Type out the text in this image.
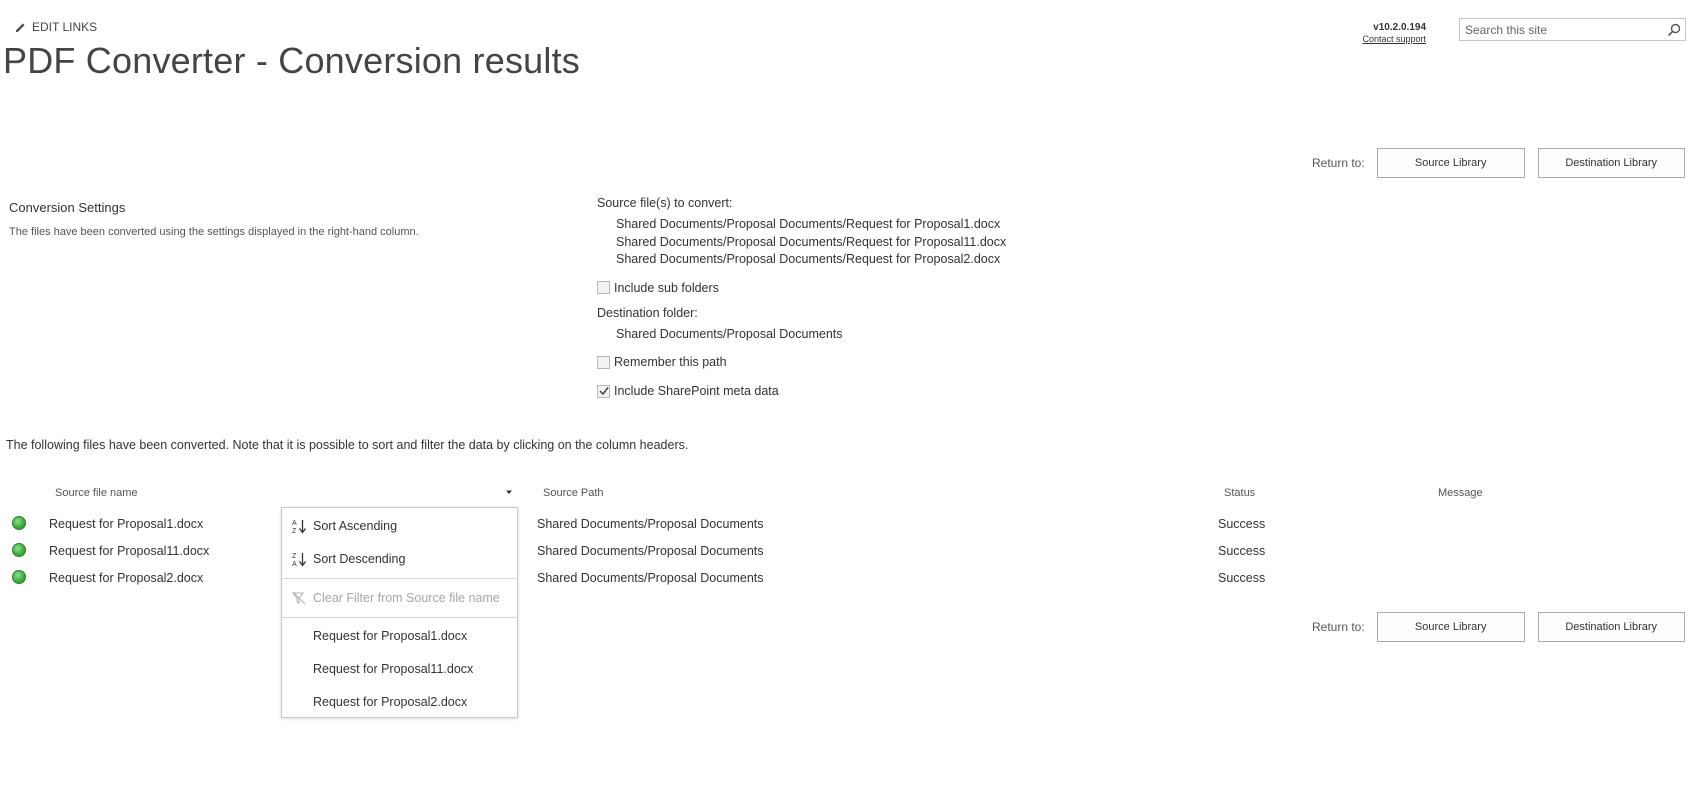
EDIT LINKS
PDF Converter - Conversion results
v10.2.0.194
Contact support
Search this site
Return to:	Source Library	Destination Library
Conversion Settings
The files have been converted using the settings displayed in the right-hand column.
Source file(s) to convert:
Shared Documents/Proposal Documents/Request for Proposal1.docx
Shared Documents/Proposal Documents/Request for Proposal11.docx
Shared Documents/Proposal Documents/Request for Proposal2.docx
Include sub folders
Destination folder:
Shared Documents/Proposal Documents
Remember this path
Include SharePoint meta data
The following files have been converted. Note that it is possible to sort and filter the data by clicking on the column headers.
Source file name	Source Path	Status	Message
Request for Proposal1.docx	Shared Documents/Proposal Documents	Success
Request for Proposal11.docx	Shared Documents/Proposal Documents	Success
Request for Proposal2.docx	Shared Documents/Proposal Documents	Success
Return to:	Source Library	Destination Library
A
Z Sort Ascending
Z
A Sort Descending
Clear Filter from Source file name
Request for Proposal1.docx
Request for Proposal11.docx
Request for Proposal2.docx
